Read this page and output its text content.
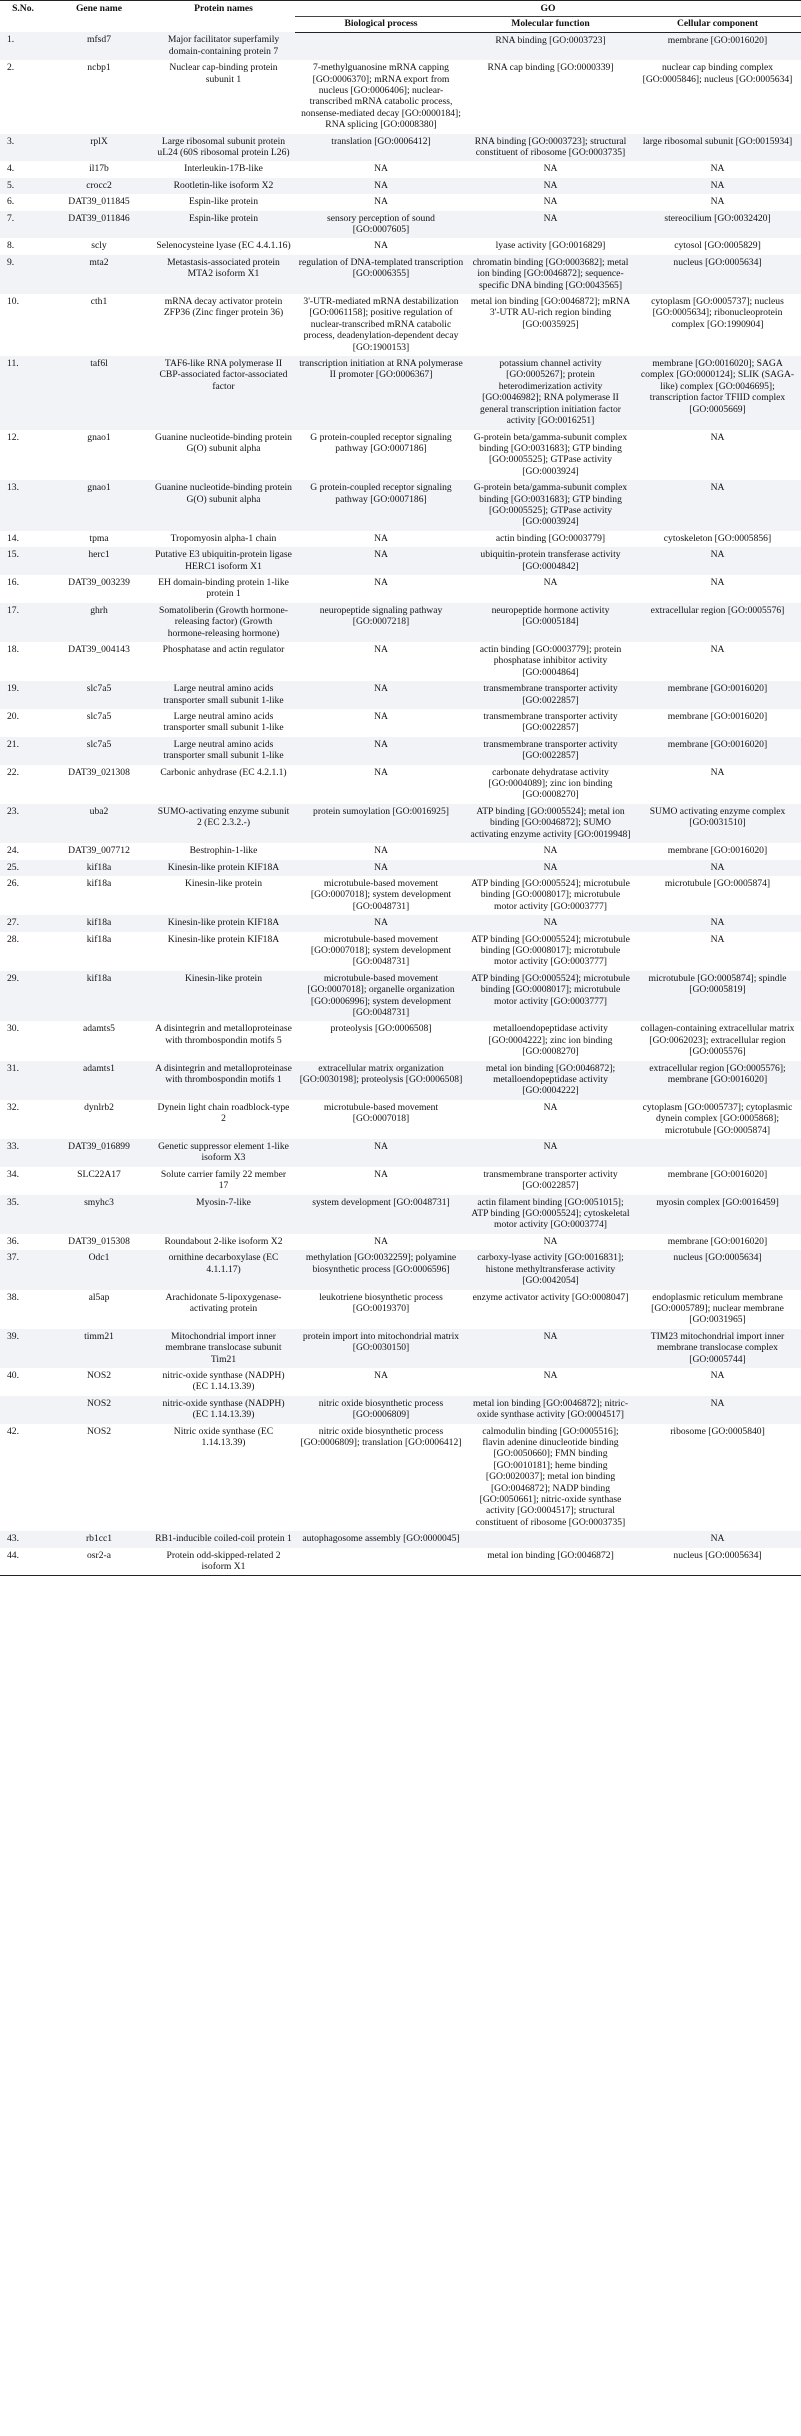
S.No.	Gene name	Protein names	GO		
			Biological process	Molecular function	Cellular component
1.	mfsd7	Major facilitator superfamily domain-containing protein 7		RNA binding [GO:0003723]	membrane [GO:0016020]
2.	ncbp1	Nuclear cap-binding protein subunit 1	7-methylguanosine mRNA capping [GO:0006370]; mRNA export from nucleus [GO:0006406]; nuclear-transcribed mRNA catabolic process, nonsense-mediated decay [GO:0000184]; RNA splicing [GO:0008380]	RNA cap binding [GO:0000339]	nuclear cap binding complex [GO:0005846]; nucleus [GO:0005634]
3.	rplX	Large ribosomal subunit protein uL24 (60S ribosomal protein L26)	translation [GO:0006412]	RNA binding [GO:0003723]; structural constituent of ribosome [GO:0003735]	large ribosomal subunit [GO:0015934]
4.	il17b	Interleukin-17B-like	NA	NA	NA
5.	crocc2	Rootletin-like isoform X2	NA	NA	NA
6.	DAT39_011845	Espin-like protein	NA	NA	NA
7.	DAT39_011846	Espin-like protein	sensory perception of sound [GO:0007605]	NA	stereocilium [GO:0032420]
8.	scly	Selenocysteine lyase (EC 4.4.1.16)	NA	lyase activity [GO:0016829]	cytosol [GO:0005829]
9.	mta2	Metastasis-associated protein MTA2 isoform X1	regulation of DNA-templated transcription [GO:0006355]	chromatin binding [GO:0003682]; metal ion binding [GO:0046872]; sequence-specific DNA binding [GO:0043565]	nucleus [GO:0005634]
10.	cth1	mRNA decay activator protein ZFP36 (Zinc finger protein 36)	3'-UTR-mediated mRNA destabilization [GO:0061158]; positive regulation of nuclear-transcribed mRNA catabolic process, deadenylation-dependent decay [GO:1900153]	metal ion binding [GO:0046872]; mRNA 3'-UTR AU-rich region binding [GO:0035925]	cytoplasm [GO:0005737]; nucleus [GO:0005634]; ribonucleoprotein complex [GO:1990904]
11.	taf6l	TAF6-like RNA polymerase II CBP-associated factor-associated factor	transcription initiation at RNA polymerase II promoter [GO:0006367]	potassium channel activity [GO:0005267]; protein heterodimerization activity [GO:0046982]; RNA polymerase II general transcription initiation factor activity [GO:0016251]	membrane [GO:0016020]; SAGA complex [GO:0000124]; SLIK (SAGA-like) complex [GO:0046695]; transcription factor TFIID complex [GO:0005669]
12.	gnao1	Guanine nucleotide-binding protein G(O) subunit alpha	G protein-coupled receptor signaling pathway [GO:0007186]	G-protein beta/gamma-subunit complex binding [GO:0031683]; GTP binding [GO:0005525]; GTPase activity [GO:0003924]	NA
13.	gnao1	Guanine nucleotide-binding protein G(O) subunit alpha	G protein-coupled receptor signaling pathway [GO:0007186]	G-protein beta/gamma-subunit complex binding [GO:0031683]; GTP binding [GO:0005525]; GTPase activity [GO:0003924]	NA
14.	tpma	Tropomyosin alpha-1 chain	NA	actin binding [GO:0003779]	cytoskeleton [GO:0005856]
15.	herc1	Putative E3 ubiquitin-protein ligase HERC1 isoform X1	NA	ubiquitin-protein transferase activity [GO:0004842]	NA
16.	DAT39_003239	EH domain-binding protein 1-like protein 1	NA	NA	NA
17.	ghrh	Somatoliberin (Growth hormone-releasing factor) (Growth hormone-releasing hormone)	neuropeptide signaling pathway [GO:0007218]	neuropeptide hormone activity [GO:0005184]	extracellular region [GO:0005576]
18.	DAT39_004143	Phosphatase and actin regulator	NA	actin binding [GO:0003779]; protein phosphatase inhibitor activity [GO:0004864]	NA
19.	slc7a5	Large neutral amino acids transporter small subunit 1-like	NA	transmembrane transporter activity [GO:0022857]	membrane [GO:0016020]
20.	slc7a5	Large neutral amino acids transporter small subunit 1-like	NA	transmembrane transporter activity [GO:0022857]	membrane [GO:0016020]
21.	slc7a5	Large neutral amino acids transporter small subunit 1-like	NA	transmembrane transporter activity [GO:0022857]	membrane [GO:0016020]
22.	DAT39_021308	Carbonic anhydrase (EC 4.2.1.1)	NA	carbonate dehydratase activity [GO:0004089]; zinc ion binding [GO:0008270]	NA
23.	uba2	SUMO-activating enzyme subunit 2 (EC 2.3.2.-)	protein sumoylation [GO:0016925]	ATP binding [GO:0005524]; metal ion binding [GO:0046872]; SUMO activating enzyme activity [GO:0019948]	SUMO activating enzyme complex [GO:0031510]
24.	DAT39_007712	Bestrophin-1-like	NA	NA	membrane [GO:0016020]
25.	kif18a	Kinesin-like protein KIF18A	NA	NA	NA
26.	kif18a	Kinesin-like protein	microtubule-based movement [GO:0007018]; system development [GO:0048731]	ATP binding [GO:0005524]; microtubule binding [GO:0008017]; microtubule motor activity [GO:0003777]	microtubule [GO:0005874]
27.	kif18a	Kinesin-like protein KIF18A	NA	NA	NA
28.	kif18a	Kinesin-like protein KIF18A	microtubule-based movement [GO:0007018]; system development [GO:0048731]	ATP binding [GO:0005524]; microtubule binding [GO:0008017]; microtubule motor activity [GO:0003777]	NA
29.	kif18a	Kinesin-like protein	microtubule-based movement [GO:0007018]; organelle organization [GO:0006996]; system development [GO:0048731]	ATP binding [GO:0005524]; microtubule binding [GO:0008017]; microtubule motor activity [GO:0003777]	microtubule [GO:0005874]; spindle [GO:0005819]
30.	adamts5	A disintegrin and metalloproteinase with thrombospondin motifs 5	proteolysis [GO:0006508]	metalloendopeptidase activity [GO:0004222]; zinc ion binding [GO:0008270]	collagen-containing extracellular matrix [GO:0062023]; extracellular region [GO:0005576]
31.	adamts1	A disintegrin and metalloproteinase with thrombospondin motifs 1	extracellular matrix organization [GO:0030198]; proteolysis [GO:0006508]	metal ion binding [GO:0046872]; metalloendopeptidase activity [GO:0004222]	extracellular region [GO:0005576]; membrane [GO:0016020]
32.	dynlrb2	Dynein light chain roadblock-type 2	microtubule-based movement [GO:0007018]	NA	cytoplasm [GO:0005737]; cytoplasmic dynein complex [GO:0005868]; microtubule [GO:0005874]
33.	DAT39_016899	Genetic suppressor element 1-like isoform X3	NA	NA	
34.	SLC22A17	Solute carrier family 22 member 17	NA	transmembrane transporter activity [GO:0022857]	membrane [GO:0016020]
35.	smyhc3	Myosin-7-like	system development [GO:0048731]	actin filament binding [GO:0051015]; ATP binding [GO:0005524]; cytoskeletal motor activity [GO:0003774]	myosin complex [GO:0016459]
36.	DAT39_015308	Roundabout 2-like isoform X2	NA	NA	membrane [GO:0016020]
37.	Odc1	ornithine decarboxylase (EC 4.1.1.17)	methylation [GO:0032259]; polyamine biosynthetic process [GO:0006596]	carboxy-lyase activity [GO:0016831]; histone methyltransferase activity [GO:0042054]	nucleus [GO:0005634]
38.	al5ap	Arachidonate 5-lipoxygenase-activating protein	leukotriene biosynthetic process [GO:0019370]	enzyme activator activity [GO:0008047]	endoplasmic reticulum membrane [GO:0005789]; nuclear membrane [GO:0031965]
39.	timm21	Mitochondrial import inner membrane translocase subunit Tim21	protein import into mitochondrial matrix [GO:0030150]	NA	TIM23 mitochondrial import inner membrane translocase complex [GO:0005744]
40.	NOS2	nitric-oxide synthase (NADPH) (EC 1.14.13.39)	NA	NA	NA
	NOS2	nitric-oxide synthase (NADPH) (EC 1.14.13.39)	nitric oxide biosynthetic process [GO:0006809]	metal ion binding [GO:0046872]; nitric-oxide synthase activity [GO:0004517]	NA
42.	NOS2	Nitric oxide synthase (EC 1.14.13.39)	nitric oxide biosynthetic process [GO:0006809]; translation [GO:0006412]	calmodulin binding [GO:0005516]; flavin adenine dinucleotide binding [GO:0050660]; FMN binding [GO:0010181]; heme binding [GO:0020037]; metal ion binding [GO:0046872]; NADP binding [GO:0050661]; nitric-oxide synthase activity [GO:0004517]; structural constituent of ribosome [GO:0003735]	ribosome [GO:0005840]
43.	rb1cc1	RB1-inducible coiled-coil protein 1	autophagosome assembly [GO:0000045]		NA
44.	osr2-a	Protein odd-skipped-related 2 isoform X1		metal ion binding [GO:0046872]	nucleus [GO:0005634]
